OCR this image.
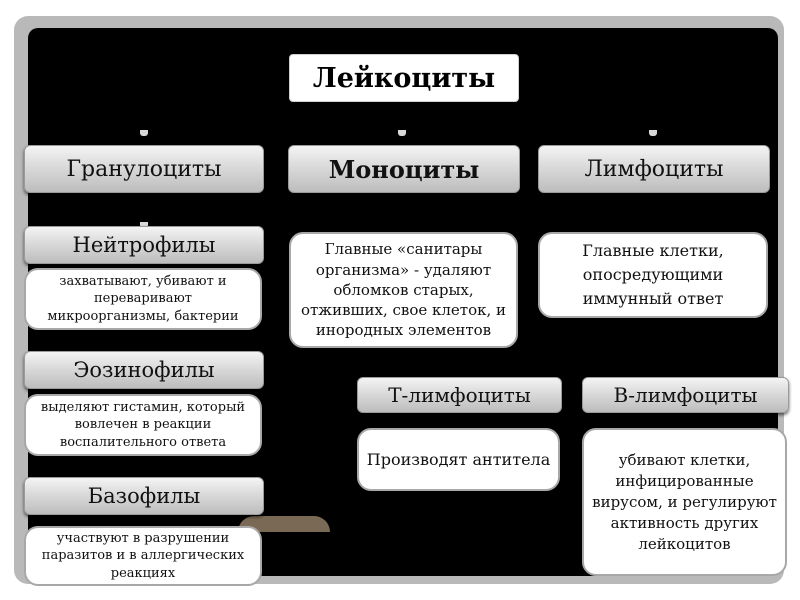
Лейкоциты
Гранулоциты	Моноциты	Лимфоциты
Нейтрофилы
захватывают, убивают и переваривают микроорганизмы, бактерии
Эозинофилы
выделяют гистамин, который вовлечен в реакции воспалительного ответа
Базофилы
участвуют в разрушении паразитов и в аллергических реакциях
Главные «санитары организма» - удаляют обломков старых, отживших, свое клеток, и инородных элементов
Главные клетки, опосредующими иммунный ответ
Т-лимфоциты
Производят антитела
В-лимфоциты
убивают клетки, инфицированные вирусом, и регулируют активность других лейкоцитов
